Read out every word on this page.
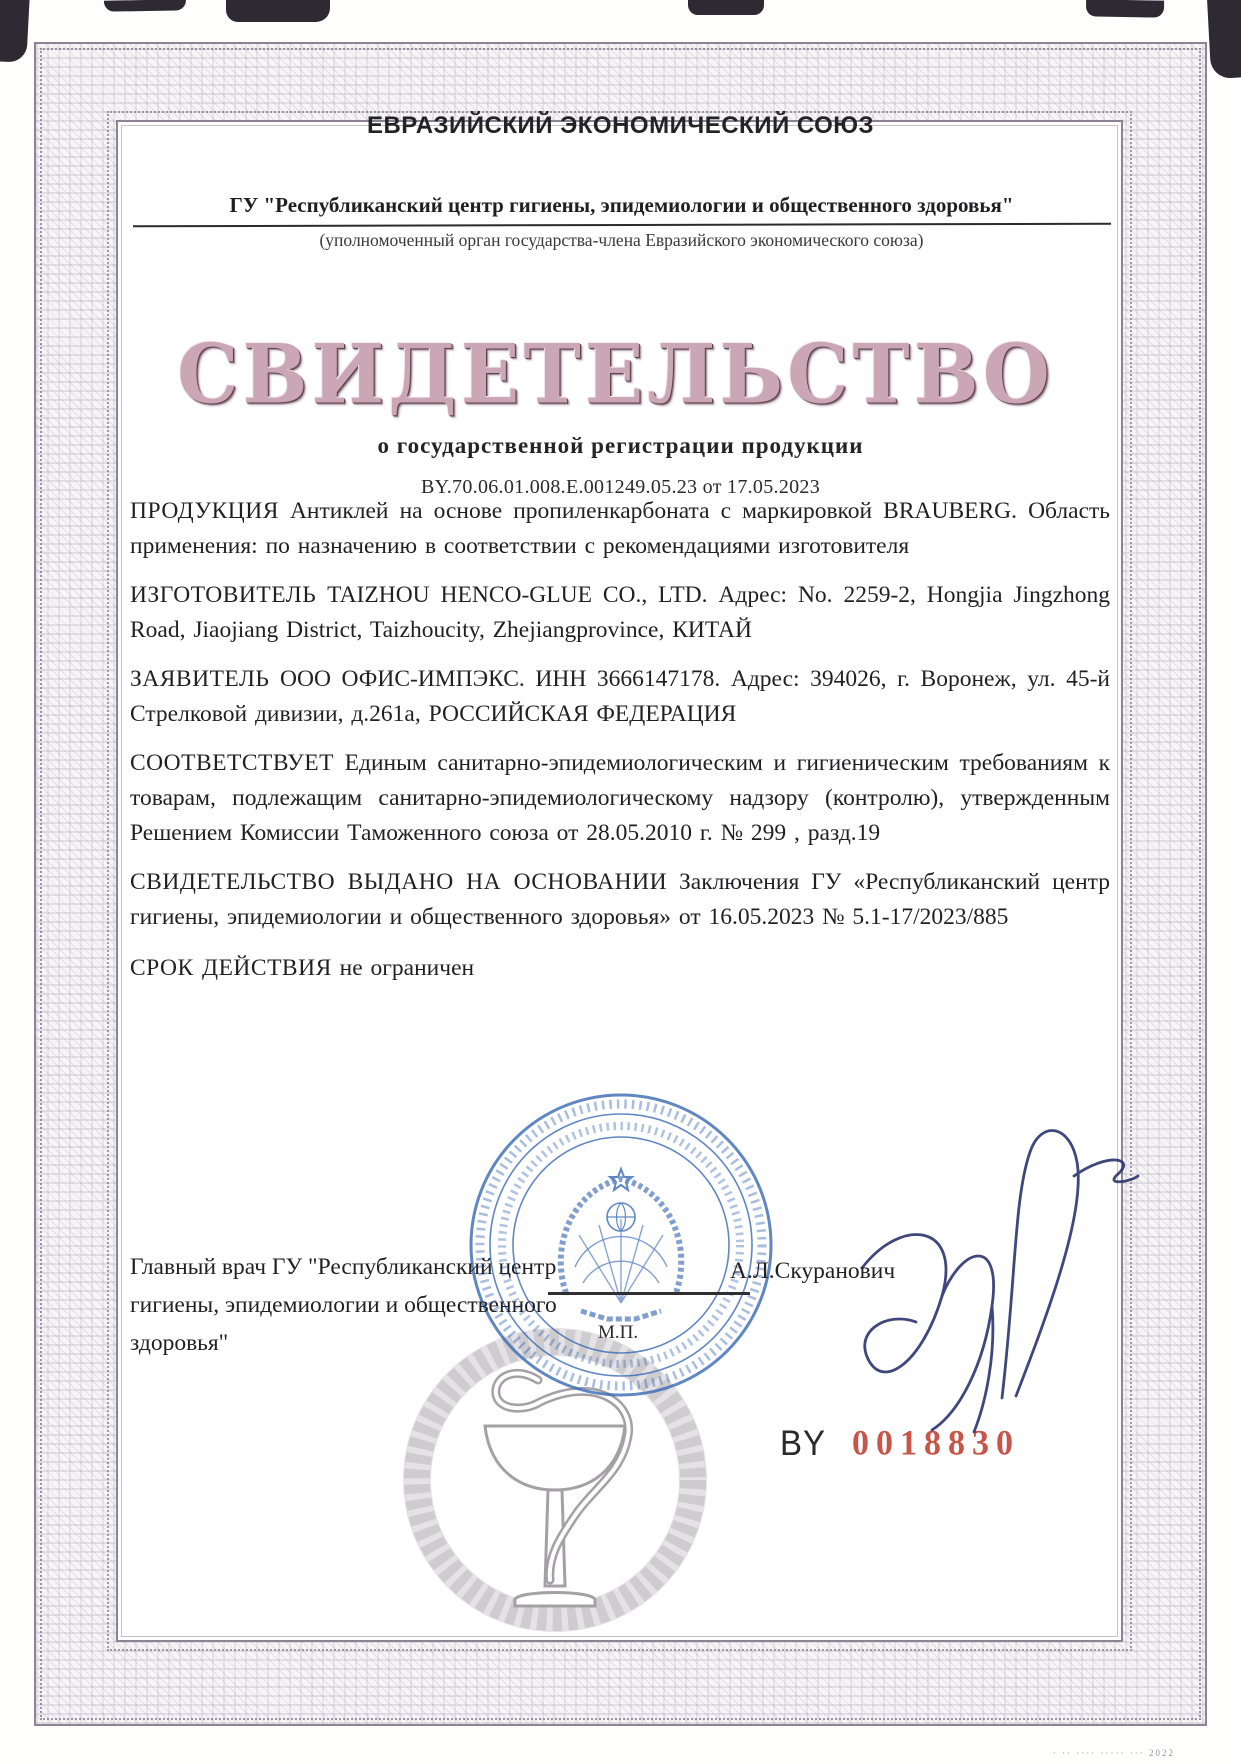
ЕВРАЗИЙСКИЙ ЭКОНОМИЧЕСКИЙ СОЮЗ
ГУ "Республиканский центр гигиены, эпидемиологии и общественного здоровья"
(уполномоченный орган государства-члена Евразийского экономического союза)
СВИДЕТЕЛЬСТВО
о государственной регистрации продукции
BY.70.06.01.008.E.001249.05.23 от 17.05.2023

ПРОДУКЦИЯ Антиклей на основе пропиленкарбоната с маркировкой BRAUBERG. Область применения: по назначению в соответствии с рекомендациями изготовителя

ИЗГОТОВИТЕЛЬ TAIZHOU HENCO-GLUE CO., LTD. Адрес: No. 2259-2, Hongjia Jingzhong Road, Jiaojiang District, Taizhoucity, Zhejiangprovince, КИТАЙ

ЗАЯВИТЕЛЬ ООО ОФИС-ИМПЭКС. ИНН 3666147178. Адрес: 394026, г. Воронеж, ул. 45-й Стрелковой дивизии, д.261а, РОССИЙСКАЯ ФЕДЕРАЦИЯ

СООТВЕТСТВУЕТ Единым санитарно-эпидемиологическим и гигиеническим требованиям к товарам, подлежащим санитарно-эпидемиологическому надзору (контролю), утвержденным Решением Комиссии Таможенного союза от 28.05.2010 г. № 299 , разд.19

СВИДЕТЕЛЬСТВО ВЫДАНО НА ОСНОВАНИИ Заключения ГУ «Республиканский центр гигиены, эпидемиологии и общественного здоровья» от 16.05.2023 № 5.1-17/2023/885

СРОК ДЕЙСТВИЯ не ограничен

М.П.
Главный врач ГУ "Республиканский центр гигиены, эпидемиологии и общественного здоровья"
А.Л.Скуранович
BY 0018830
· ·· ···· ····· ··· 2022
